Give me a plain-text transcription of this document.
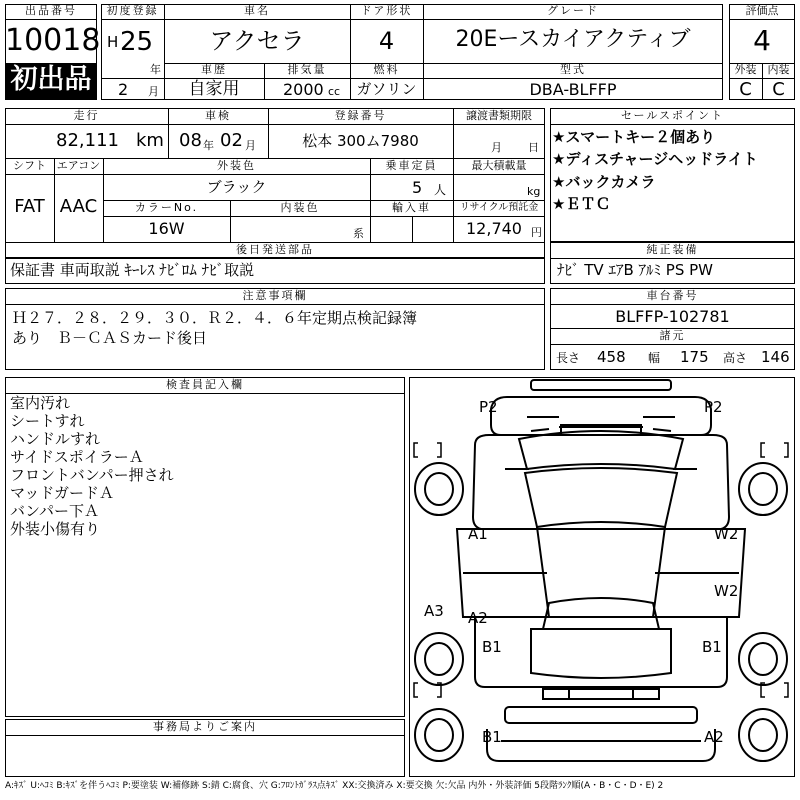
出品番号
10018
初出品
初度登録
H 25
年
2 月
車名
アクセラ
ドア形状
4
グレード
20Eースカイアクティブ
車歴
自家用
排気量
2000 cc
燃料
ガソリン
型式
DBA-BLFFP
評価点
4
外装	内装
C	C
走行
82,111 km
車検
08 年 02 月
登録番号
松本 300ム7980
譲渡書類期限
月 日
シフト
FAT
エアコン
AAC
外装色
ブラック
乗車定員
5 人
最大積載量
kg
カラーNo.
16W
内装色
系
輸入車	リサイクル預託金
12,740 円
後日発送部品
保証書 車両取説 ｷｰﾚｽ ﾅﾋﾞﾛﾑ ﾅﾋﾞ取説
セールスポイント
★スマートキー２個あり
★ディスチャージヘッドライト
★バックカメラ
★ＥＴＣ
純正装備
ﾅﾋﾞ TV ｴｱB ｱﾙﾐ PS PW
注意事項欄
Ｈ２７．２８．２９．３０．Ｒ２．４．６年定期点検記録簿
あり　Ｂ－ＣＡＳカード後日
車台番号
BLFFP-102781
諸元
長さ 458 幅 175 高さ 146
検査員記入欄
室内汚れ
シートすれ
ハンドルすれ
サイドスポイラーＡ
フロントバンパー押され
マッドガードＡ
バンパー下Ａ
外装小傷有り
事務局よりご案内
P2	P2
A1	W2
W2
A3 A2
B1	B1
B1	A2
A:ｷｽﾞ U:ﾍｺﾐ B:ｷｽﾞを伴うﾍｺﾐ P:要塗装 W:補修跡 S:錆 C:腐食、穴 G:ﾌﾛﾝﾄｶﾞﾗｽ点ｷｽﾞ XX:交換済み X:要交換 欠:欠品 内外・外装評価 5段階ﾗﾝｸ順(A・B・C・D・E) 2
